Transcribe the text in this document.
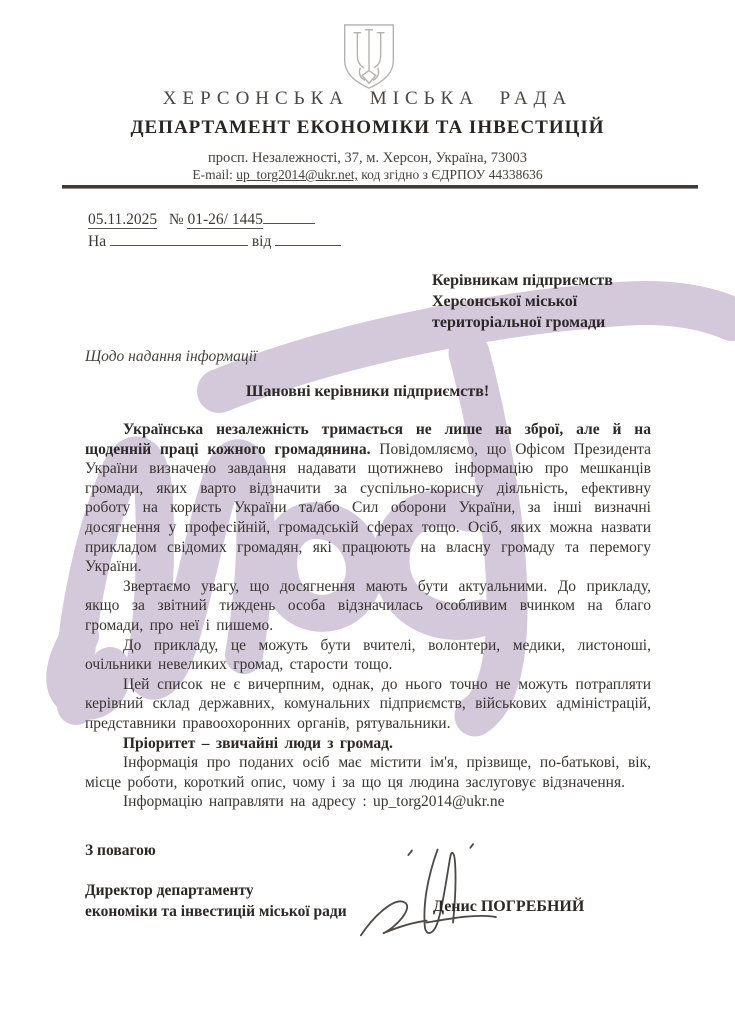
ХЕРСОНСЬКА МІСЬКА РАДА
ДЕПАРТАМЕНТ ЕКОНОМІКИ ТА ІНВЕСТИЦІЙ
просп. Незалежності, 37, м. Херсон, Україна, 73003
E-mail: up_torg2014@ukr.net, код згідно з ЄДРПОУ 44338636
05.11.2025 № 01-26/ 1445
На	від
Керівникам підприємств
Херсонської міської
територіальної громади
Щодо надання інформації
Шановні керівники підприємств!

Українська незалежність тримається не лише на зброї, але й на щоденній праці кожного громадянина. Повідомляємо, що Офісом Президента України визначено завдання надавати щотижнево інформацію про мешканців громади, яких варто відзначити за суспільно-корисну діяльність, ефективну роботу на користь України та/або Сил оборони України, за інші визначні досягнення у професійній, громадській сферах тощо. Осіб, яких можна назвати прикладом свідомих громадян, які працюють на власну громаду та перемогу України.

Звертаємо увагу, що досягнення мають бути актуальними. До прикладу, якщо за звітний тиждень особа відзначилась особливим вчинком на благо громади, про неї і пишемо.

До прикладу, це можуть бути вчителі, волонтери, медики, листоноші, очільники невеликих громад, старости тощо.

Цей список не є вичерпним, однак, до нього точно не можуть потрапляти керівний склад державних, комунальних підприємств, військових адміністрацій, представники правоохоронних органів, рятувальники.

Пріоритет – звичайні люди з громад.

Інформація про поданих осіб має містити ім'я, прізвище, по-батькові, вік, місце роботи, короткий опис, чому і за що ця людина заслуговує відзначення.

Інформацію направляти на адресу : up_torg2014@ukr.ne

З повагою
Директор департаменту
економіки та інвестицій міської ради	Денис ПОГРЕБНИЙ
